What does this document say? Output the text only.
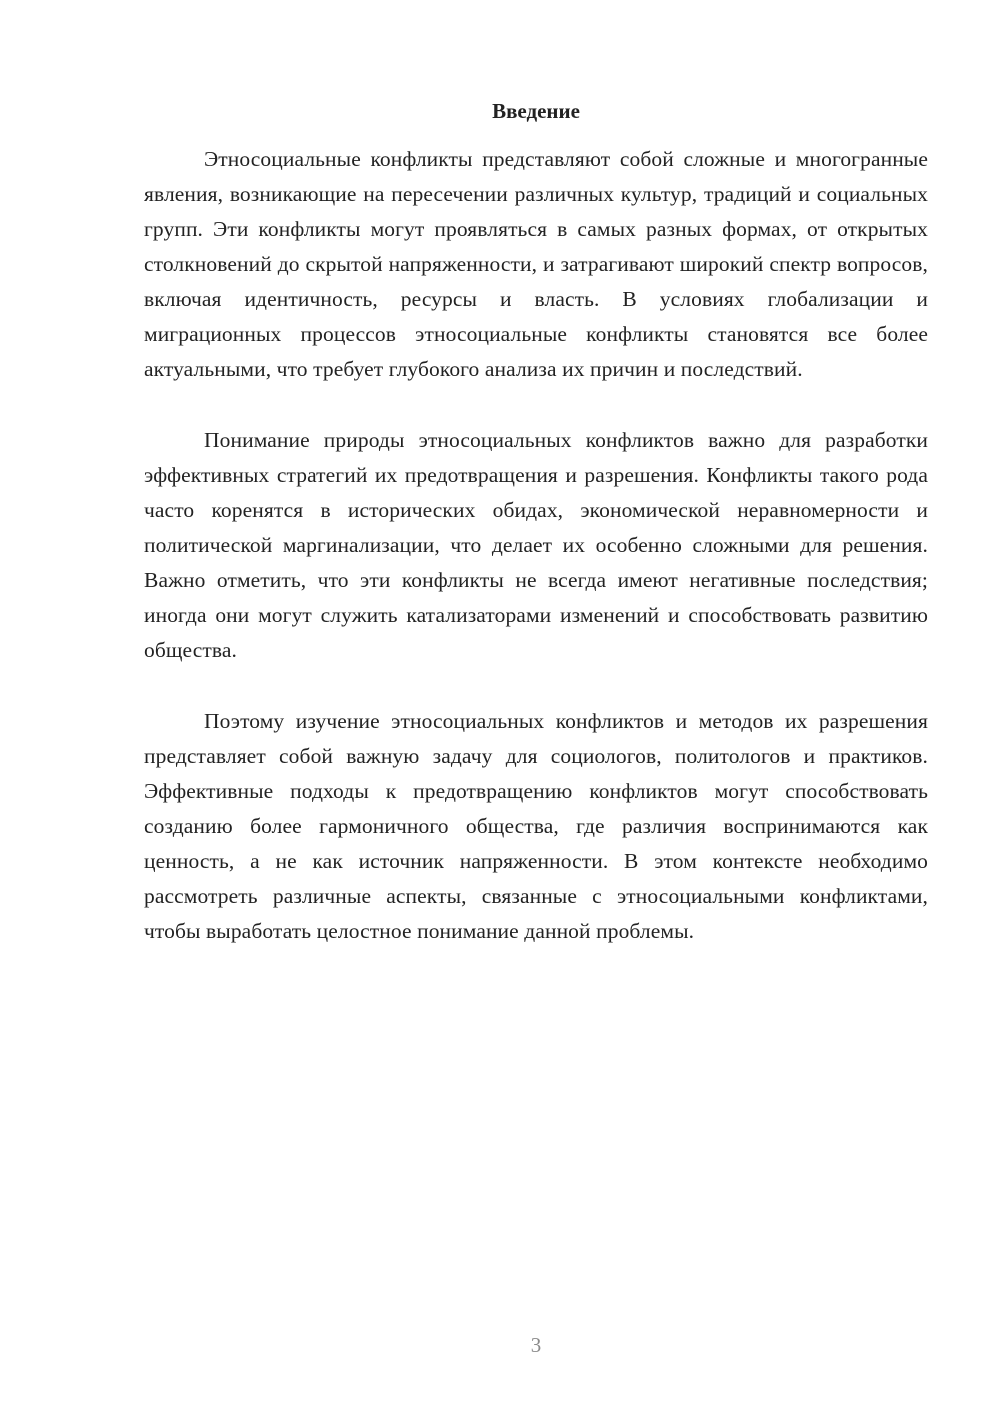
Введение

Этносоциальные конфликты представляют собой сложные и многогранные явления, возникающие на пересечении различных культур, традиций и социальных групп. Эти конфликты могут проявляться в самых разных формах, от открытых столкновений до скрытой напряженности, и затрагивают широкий спектр вопросов, включая идентичность, ресурсы и власть. В условиях глобализации и миграционных процессов этносоциальные конфликты становятся все более актуальными, что требует глубокого анализа их причин и последствий.

Понимание природы этносоциальных конфликтов важно для разработки эффективных стратегий их предотвращения и разрешения. Конфликты такого рода часто коренятся в исторических обидах, экономической неравномерности и политической маргинализации, что делает их особенно сложными для решения. Важно отметить, что эти конфликты не всегда имеют негативные последствия; иногда они могут служить катализаторами изменений и способствовать развитию общества.

Поэтому изучение этносоциальных конфликтов и методов их разрешения представляет собой важную задачу для социологов, политологов и практиков. Эффективные подходы к предотвращению конфликтов могут способствовать созданию более гармоничного общества, где различия воспринимаются как ценность, а не как источник напряженности. В этом контексте необходимо рассмотреть различные аспекты, связанные с этносоциальными конфликтами, чтобы выработать целостное понимание данной проблемы.

3
